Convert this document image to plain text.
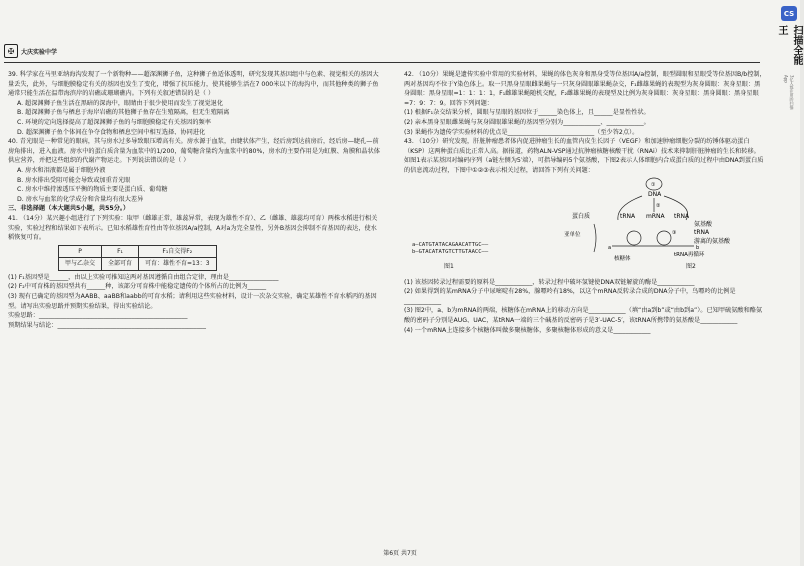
✠	大庆实验中学
CS
扫描全能王
3亿人都在用的扫描App

39. 科学家在马里亚纳海沟发现了一个新物种——超深渊狮子鱼，这种狮子鱼适体透明，研究发现其基因组中与色素、视觉相关的基因大量丢失，此外，与细胞膜稳定有关的基因也发生了变化，增强了抗压能力，使其能够生活在7 000米以下的海沟中，而其他种类的狮子鱼通常只能生活在温带海滨岸的岩礁或珊瑚礁内。下列有关叙述错误的是（ ）

A. 超深渊狮子鱼生活在黑暗的深海中，眼睛由于很少使用而发生了视觉退化

B. 超深渊狮子鱼与栖息于海岸岩礁的其他狮子鱼存在生殖隔离，但无生殖隔离

C. 环境的定向选择提高了超深渊狮子鱼的与细胞膜稳定有关基因的频率

D. 超深渊狮子鱼个体间在争夺食物和栖息空间中相互选择、协同进化

40. 青光眼是一种常见的眼病，其与房水过多导致眼压增高有关。房水源于血浆，由睫状体产生，经后房到达前房后，经后房—睫孔—前房角排出，进入血液。房水中的蛋白质含量为血浆中的1/200，葡萄糖含量约为血浆中的80%，房水的主要作用是为虹膜、角膜和晶状体供应营养，并把这些组织的代谢产物运走。下列说法错误的是（ ）

A. 房水和泪液都是属于细胞外液

B. 房水排出受阻可能会导致或加重青光眼

C. 房水中维持渗透压平衡的物质主要是蛋白质、葡萄糖

D. 房水与血浆的化学成分和含量均有很大差异

三、非选择题（本大题共5小题，共55分。）

41. （14分）某兴趣小组进行了下列实验：取甲（雌雄正常，雄蕊异常，表现为雄性不育）、乙（雌雄、雄蕊均可育）两株水稻进行相关实验，实验过程和结果如下表所示。已知水稻雄性育性由等位基因A/a控制，A对a为完全显性，另外B基因会抑制不育基因的表达，使水稻恢复可育。

P	F₁	F₁自交得F₂
甲与乙杂交	全部可育	可育：雄性不育=13：3

(1) F₁基因型是______，由以上实验可推知这两对基因遵循自由组合定律，理由是________________

(2) F₂中可育株的基因型共有______种，该部分可育株中能稳定遗传的个体所占的比例为______

(3) 现有已确定的基因型为AABB、aaBB和aabb的可育水稻；请利用这些实验材料，设计一次杂交实验，确定某雄性不育水稻丙的基因型。请写出实验思路并预期实验结果，得出实验结论。

实验思路：________________________________________________

预期结果与结论：________________________________________________

42. （10分）果蝇是遗传实验中常用的实验材料，果蝇的体色灰身和黑身受等位基因A/a控制，眼型圆眼和星眼受等位基因B/b控制，两对基因均不位于Y染色体上。取一只黑身星眼雌果蝇与一只灰身圆眼雄果蝇杂交，F₁雌雄果蝇的表现型为灰身圆眼：灰身星眼：黑身圆眼：黑身星眼=1：1：1：1，F₁雌雄果蝇随机交配，F₂雌雄果蝇的表现型及比例为灰身圆眼：灰身星眼：黑身圆眼：黑身星眼=7：9：7：9。回答下列问题：

(1) 根据F₁杂交结果分析，圆眼与星眼的基因位于______染色体上，且______是显性性状。

(2) 亲本黑身星眼雌果蝇与灰身圆眼雄果蝇的基因型分别为____________、____________。

(3) 果蝇作为遗传学实验材料的优点是____________________________（至少答2点）。

43. （10分）研究发现，肝脏肿瘤患者体内促进肿瘤生长的血管内皮生长因子（VEGF）和加速肿瘤细胞分裂的纺锤体驱动蛋白（KSP）这两种蛋白质比正常人高。据报道，药物ALN-VSP通过抗肿瘤核糖核酸干扰（RNAi）技术来抑制肝脏肿瘤的生长和转移。如图1表示某基因对编码序列（a链左侧为5′端），可指导编码5个氨基酸，下图2表示人体细胞内合成蛋白质的过程中由DNA到蛋白质的信息流动过程，下图中①②③表示相关过程，请回答下列有关问题：

a—CATGTATACAGAACATTGC——
b—GTACATATGTCTTGTAACC——
图1	图2
DNA
①
②
蛋白质	tRNA mRNA tRNA
氨基酸
tRNA
游离的氨基酸
a	b
亚单位
核糖体
tRNA再循环
③

(1) 该基因转录过程需要的原料是____________，转录过程中破坏氢键使DNA双链解旋的酶是____________

(2) 如果得到的某mRNA分子中尿嘧啶有28%，腺嘌呤有18%，以这个mRNA反转录合成的DNA分子中，鸟嘌呤的比例是____________

(3) 图2中，a、b为mRNA的两端，核糖体在mRNA上的移动方向是____________（填“由a到b”或“由b到a”）。已知甲硫氨酸和酪氨酸的密码子分别是AUG、UAC，某tRNA一端的三个碱基的反密码子是3′-UAC-5′，该tRNA所携带的氨基酸是____________

(4) 一个mRNA上连接多个核糖体叫做多聚核糖体，多聚核糖体形成的意义是____________

第6页 共7页
